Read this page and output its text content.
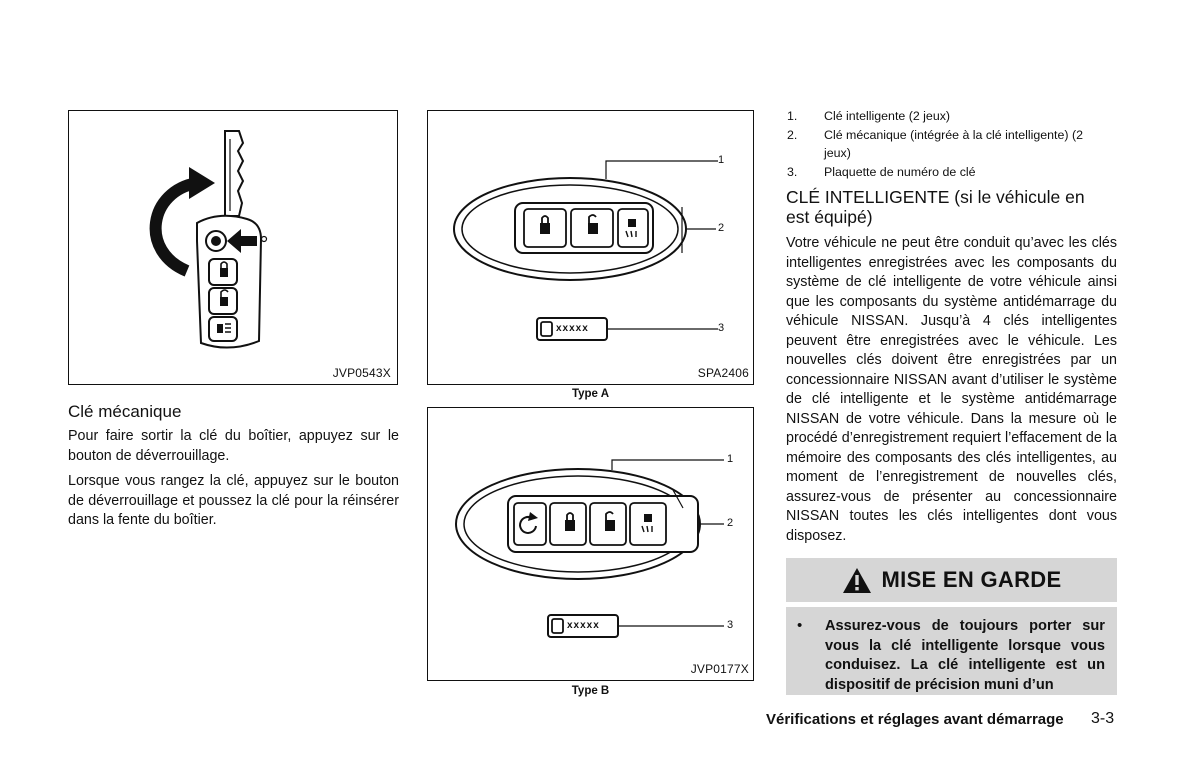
JVP0543X
xxxxx
1
2
3
SPA2406
Type A
xxxxx
1
2
3
JVP0177X
Type B
Clé mécanique
Pour faire sortir la clé du boîtier, appuyez sur le bouton de déverrouillage.
Lorsque vous rangez la clé, appuyez sur le bouton de déverrouillage et poussez la clé pour la réinsérer dans la fente du boîtier.
1.	Clé intelligente (2 jeux)
2.	Clé mécanique (intégrée à la clé intelligente) (2
jeux)
3.	Plaquette de numéro de clé
CLÉ INTELLIGENTE (si le véhicule en
est équipé)
Votre véhicule ne peut être conduit qu’avec les clés intelligentes enregistrées avec les composants du système de clé intelligente de votre véhicule ainsi que les composants du système antidémarrage du véhicule NISSAN. Jusqu’à 4 clés intelligentes peuvent être enregistrées avec le véhicule. Les nouvelles clés doivent être enregistrées par un concessionnaire NISSAN avant d’utiliser le système de clé intelligente et le système antidémarrage NISSAN de votre véhicule. Dans la mesure où le procédé d’enregistrement requiert l’effacement de la mémoire des composants des clés intelligentes, au moment de l’enregistrement de nouvelles clés, assurez-vous de présenter au concessionnaire NISSAN toutes les clés intelligentes dont vous disposez.
MISE EN GARDE
• Assurez-vous de toujours porter sur vous la clé intelligente lorsque vous conduisez. La clé intelligente est un dispositif de précision muni d’un
Vérifications et réglages avant démarrage 3-3
